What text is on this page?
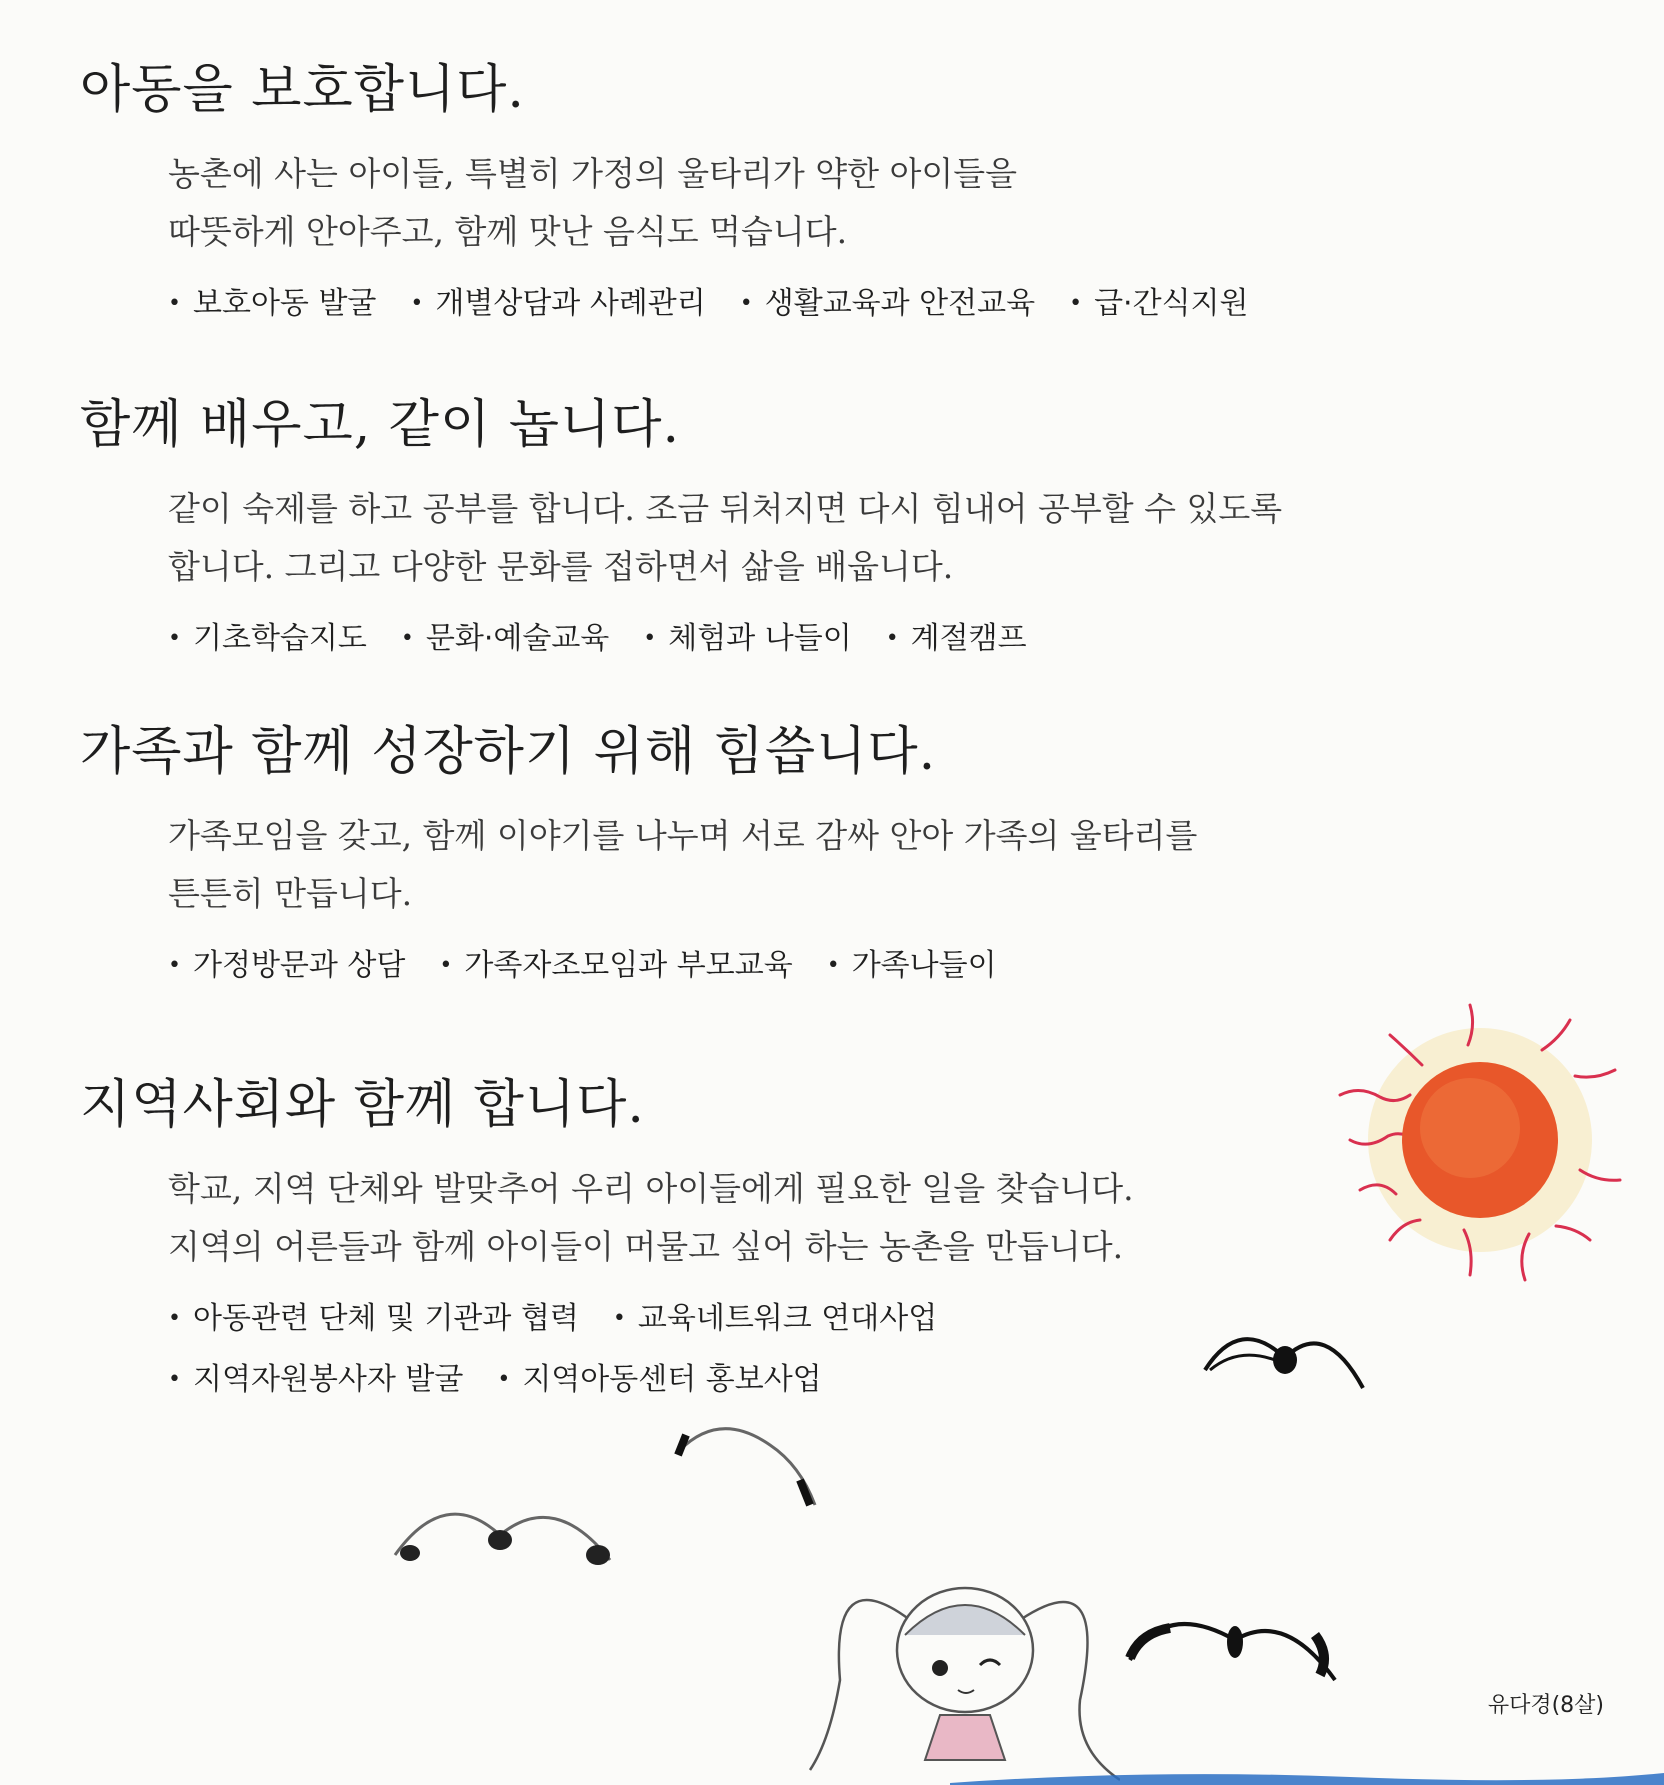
아동을 보호합니다.
농촌에 사는 아이들, 특별히 가정의 울타리가 약한 아이들을
따뜻하게 안아주고, 함께 맛난 음식도 먹습니다.
• 보호아동 발굴	• 개별상담과 사례관리	• 생활교육과 안전교육	• 급·간식지원
함께 배우고, 같이 놉니다.
같이 숙제를 하고 공부를 합니다. 조금 뒤처지면 다시 힘내어 공부할 수 있도록
합니다. 그리고 다양한 문화를 접하면서 삶을 배웁니다.
• 기초학습지도	• 문화·예술교육	• 체험과 나들이	• 계절캠프
가족과 함께 성장하기 위해 힘씁니다.
가족모임을 갖고, 함께 이야기를 나누며 서로 감싸 안아 가족의 울타리를
튼튼히 만듭니다.
• 가정방문과 상담	• 가족자조모임과 부모교육	• 가족나들이
지역사회와 함께 합니다.
학교, 지역 단체와 발맞추어 우리 아이들에게 필요한 일을 찾습니다.
지역의 어른들과 함께 아이들이 머물고 싶어 하는 농촌을 만듭니다.
• 아동관련 단체 및 기관과 협력	• 교육네트워크 연대사업
• 지역자원봉사자 발굴	• 지역아동센터 홍보사업
유다경(8살)
